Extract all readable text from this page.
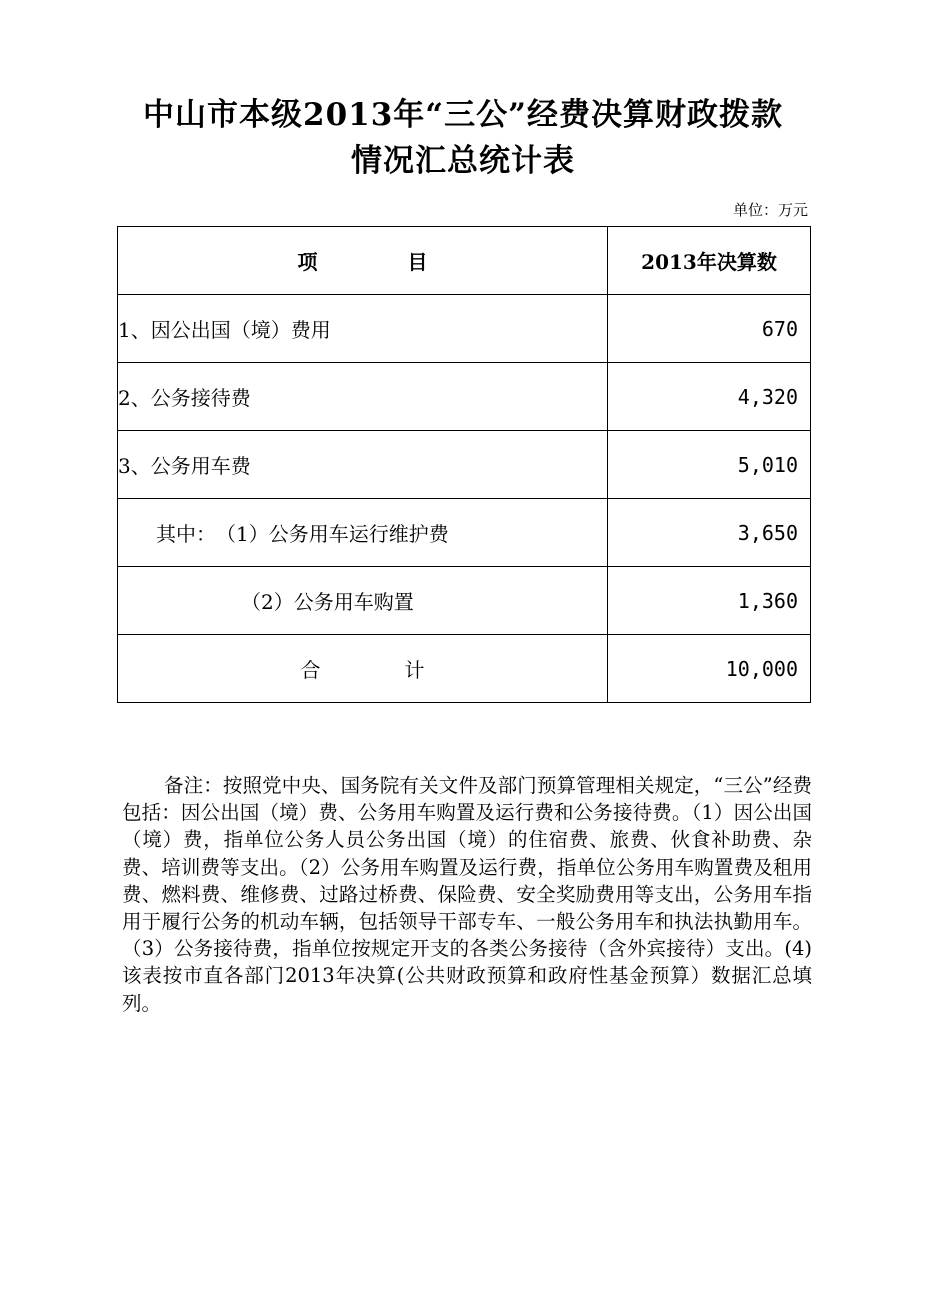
中山市本级2013年“三公”经费决算财政拨款
情况汇总统计表
单位：万元
项 目	2013年决算数
1、因公出国（境）费用	670
2、公务接待费	4,320
3、公务用车费	5,010
其中：　（1）公务用车运行维护费	3,650
（2）公务用车购置	1,360
合 计	10,000
备注：按照党中央、国务院有关文件及部门预算管理相关规定，“三公”经费包括：因公出国（境）费、公务用车购置及运行费和公务接待费。（1）因公出国（境）费，指单位公务人员公务出国（境）的住宿费、旅费、伙食补助费、杂费、培训费等支出。（2）公务用车购置及运行费，指单位公务用车购置费及租用费、燃料费、维修费、过路过桥费、保险费、安全奖励费用等支出，公务用车指用于履行公务的机动车辆，包括领导干部专车、一般公务用车和执法执勤用车。（3）公务接待费，指单位按规定开支的各类公务接待（含外宾接待）支出。(4)该表按市直各部门2013年决算(公共财政预算和政府性基金预算）数据汇总填列。
